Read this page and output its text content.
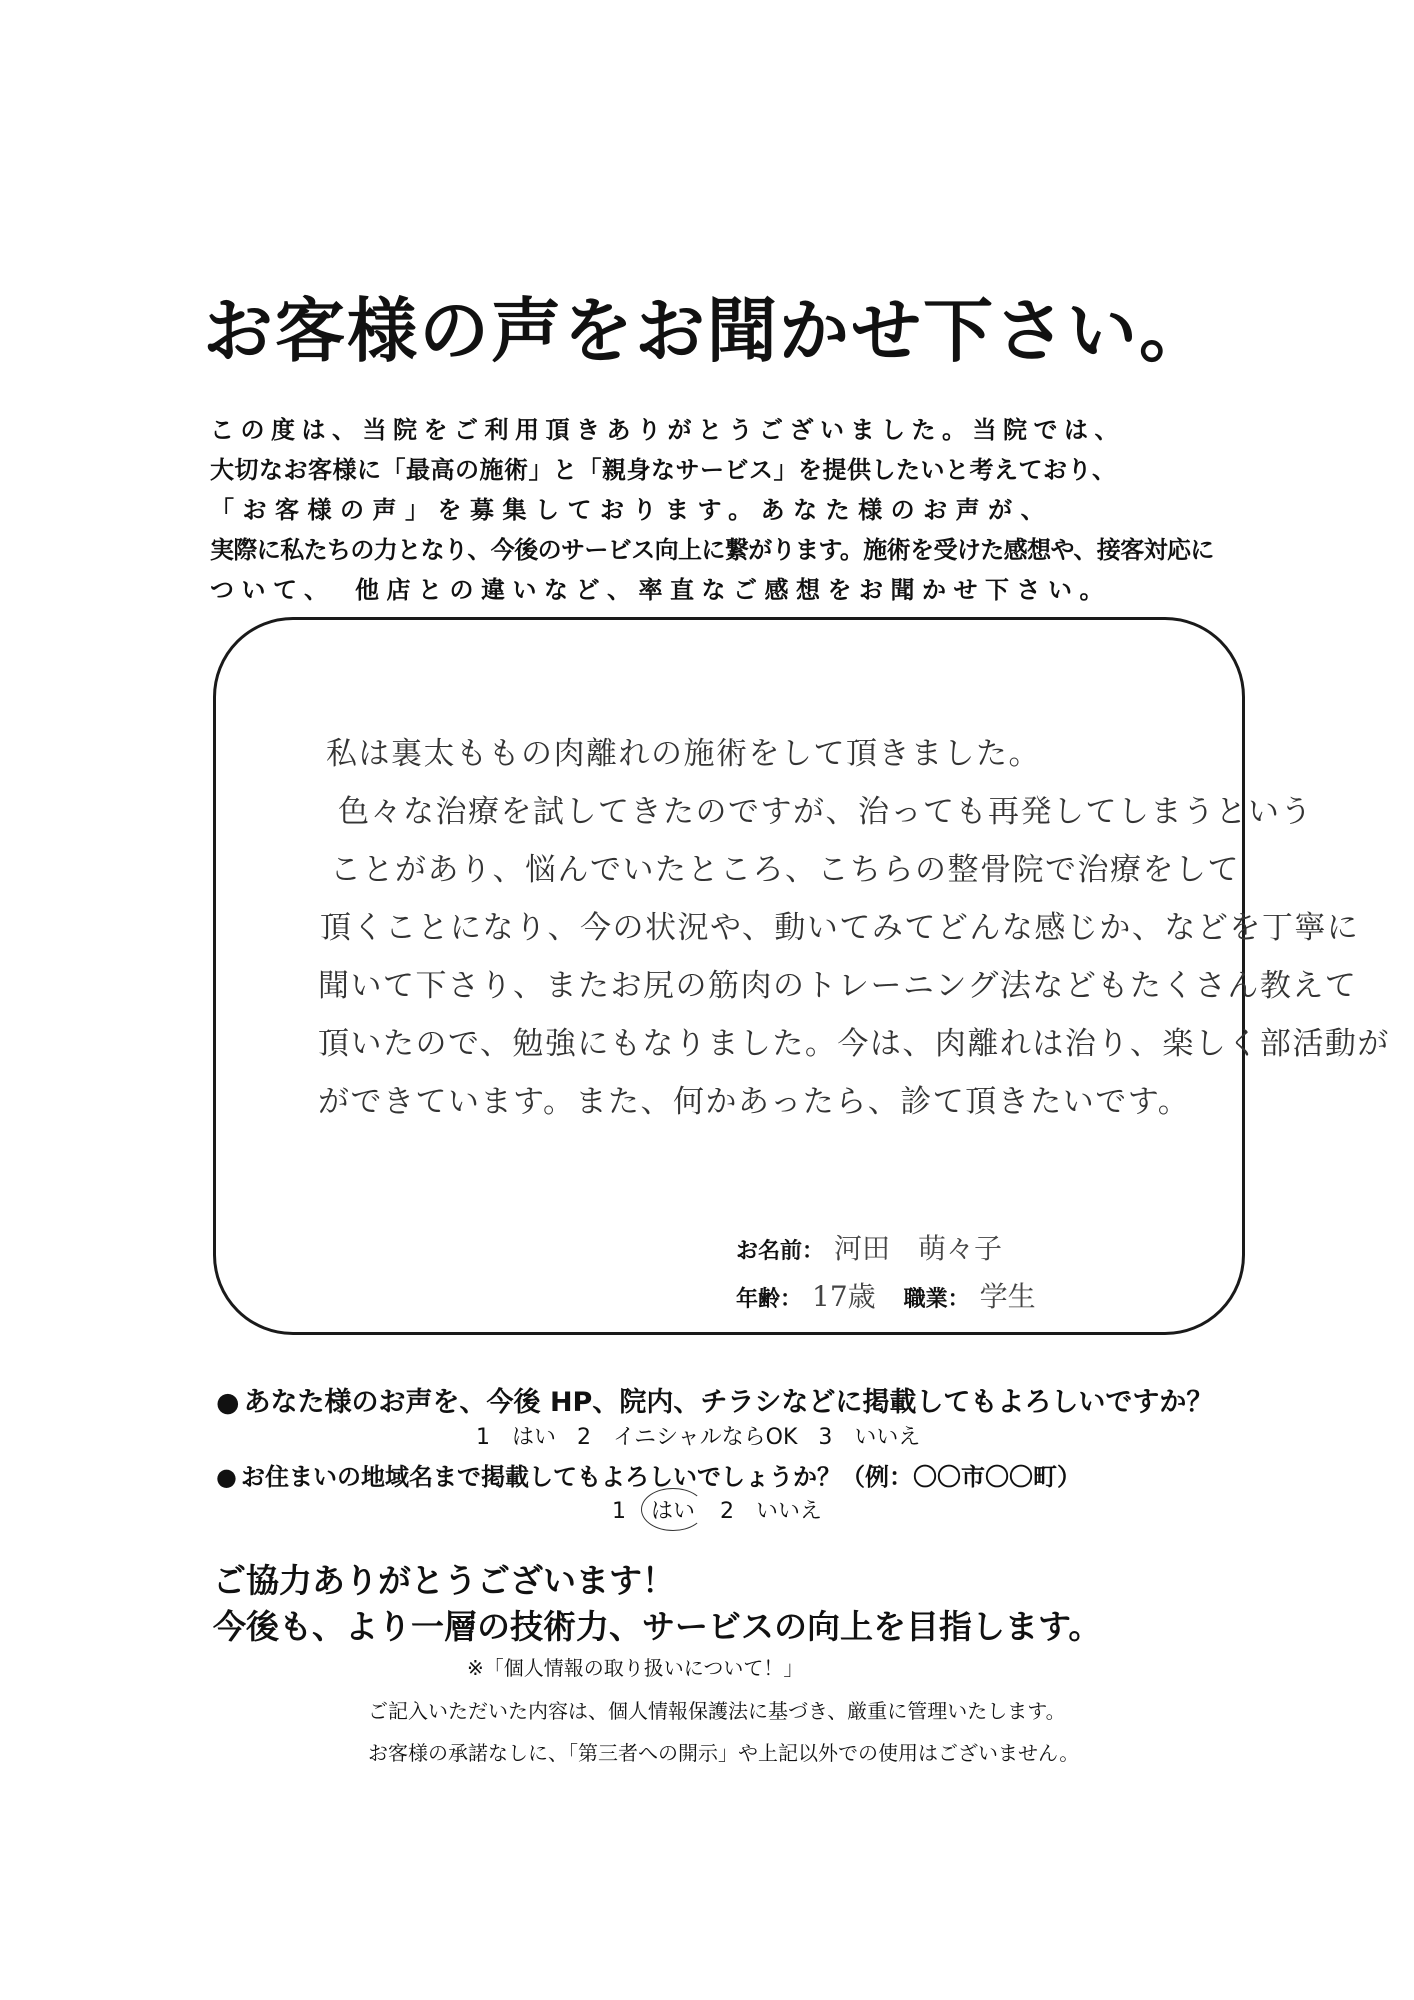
お客様の声をお聞かせ下さい。
この度は、当院をご利用頂きありがとうございました。当院では、
大切なお客様に「最高の施術」と「親身なサービス」を提供したいと考えており、
「お客様の声」を募集しております。あなた様のお声が、
実際に私たちの力となり、今後のサービス向上に繋がります。施術を受けた感想や、接客対応に
ついて、　他店との違いなど、率直なご感想をお聞かせ下さい。
私は裏太ももの肉離れの施術をして頂きました。
色々な治療を試してきたのですが、治っても再発してしまうという
ことがあり、悩んでいたところ、こちらの整骨院で治療をして
頂くことになり、今の状況や、動いてみてどんな感じか、などを丁寧に
聞いて下さり、またお尻の筋肉のトレーニング法などもたくさん教えて
頂いたので、勉強にもなりました。今は、肉離れは治り、楽しく部活動が
ができています。また、何かあったら、診て頂きたいです。
お名前： 河田　萌々子
年齢： 17歳 職業： 学生
● あなた様のお声を、今後 HP、院内、チラシなどに掲載してもよろしいですか？
1　はい 2　イニシャルならOK 3　いいえ
● お住まいの地域名まで掲載してもよろしいでしょうか？（例：〇〇市〇〇町）
1 はい 2　いいえ
ご協力ありがとうございます！
今後も、より一層の技術力、サービスの向上を目指します。
※「個人情報の取り扱いについて！」
ご記入いただいた内容は、個人情報保護法に基づき、厳重に管理いたします。
お客様の承諾なしに、「第三者への開示」や上記以外での使用はございません。
